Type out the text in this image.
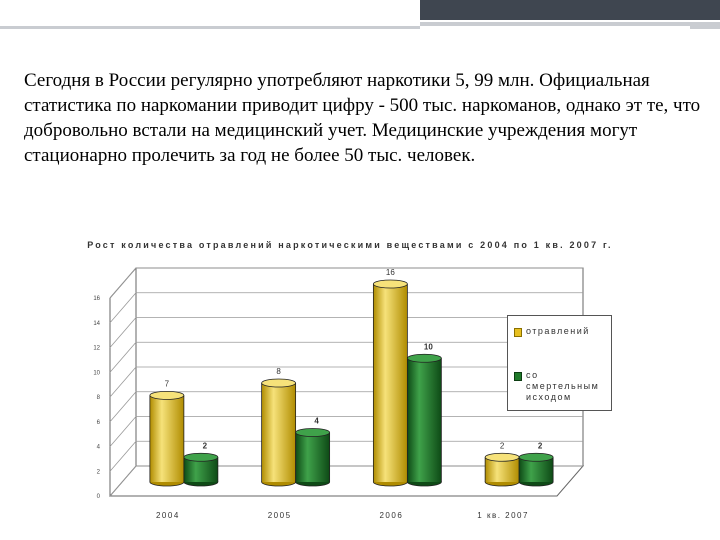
Сегодня в России регулярно употребляют наркотики 5, 99 млн. Официальная статистика по наркомании приводит цифру - 500 тыс. наркоманов, однако эт те, что добровольно встали на медицинский учет. Медицинские учреждения могут стационарно пролечить за год не более 50 тыс. человек.

0
2
4
6
8
10
12
14
16
7
2
2004
8
4
2005
16
10
2006
2	2
1 кв. 2007
Рост количества отравлений наркотическими веществами с 2004 по 1 кв. 2007 г.
отравлений
со смертельным исходом
